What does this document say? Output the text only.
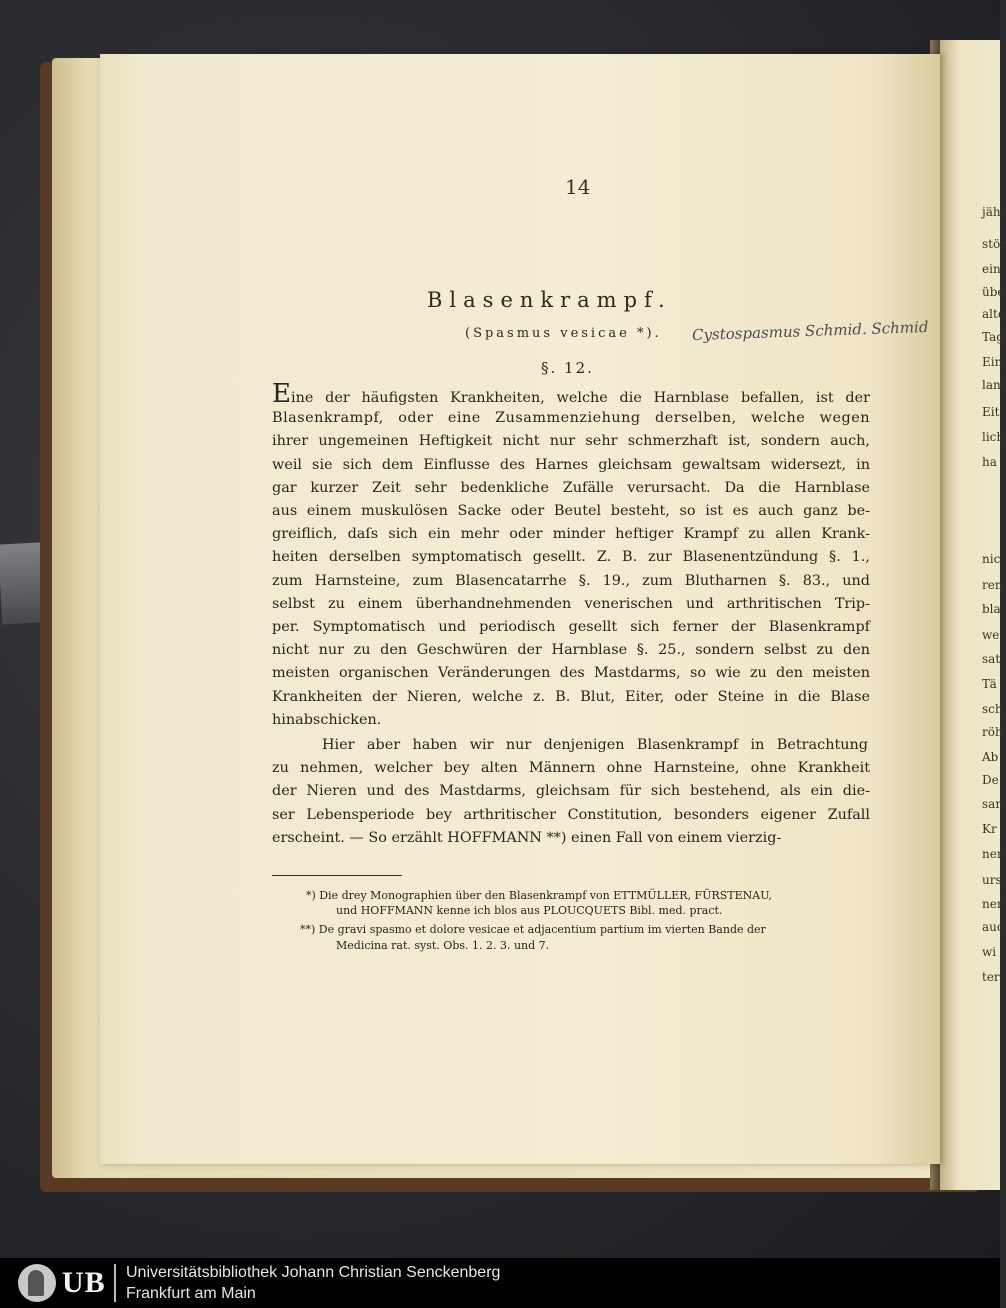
jähr
stör
ein
übe
alte
Tag
Ein
lant
Eit
lich
ha
nic
ren
bla
we
sat
Tä
sch
röh
Ab
De
san
Kr
ner
urs
ner
auc
wi
ter
14
Blasenkrampf.
(Spasmus vesicae *). Cystospasmus Schmid. Schmid
§. 12.
Eine der häufigsten Krankheiten, welche die Harnblase befallen, ist der
Blasenkrampf, oder eine Zusammenziehung derselben, welche wegen
ihrer ungemeinen Heftigkeit nicht nur sehr schmerzhaft ist, sondern auch,
weil sie sich dem Einflusse des Harnes gleichsam gewaltsam widersezt, in
gar kurzer Zeit sehr bedenkliche Zufälle verursacht. Da die Harnblase
aus einem muskulösen Sacke oder Beutel besteht, so ist es auch ganz be-
greiflich, daſs sich ein mehr oder minder heftiger Krampf zu allen Krank-
heiten derselben symptomatisch gesellt. Z. B. zur Blasenentzündung §. 1.,
zum Harnsteine, zum Blasencatarrhe §. 19., zum Blutharnen §. 83., und
selbst zu einem überhandnehmenden venerischen und arthritischen Trip-
per. Symptomatisch und periodisch gesellt sich ferner der Blasenkrampf
nicht nur zu den Geschwüren der Harnblase §. 25., sondern selbst zu den
meisten organischen Veränderungen des Mastdarms, so wie zu den meisten
Krankheiten der Nieren, welche z. B. Blut, Eiter, oder Steine in die Blase
hinabschicken.
Hier aber haben wir nur denjenigen Blasenkrampf in Betrachtung
zu nehmen, welcher bey alten Männern ohne Harnsteine, ohne Krankheit
der Nieren und des Mastdarms, gleichsam für sich bestehend, als ein die-
ser Lebensperiode bey arthritischer Constitution, besonders eigener Zufall
erscheint. — So erzählt HOFFMANN **) einen Fall von einem vierzig-
*) Die drey Monographien über den Blasenkrampf von ETTMÜLLER, FÜRSTENAU,
und HOFFMANN kenne ich blos aus PLOUCQUETS Bibl. med. pract.
**) De gravi spasmo et dolore vesicae et adjacentium partium im vierten Bande der
Medicina rat. syst. Obs. 1. 2. 3. und 7.
UB Universitätsbibliothek Johann Christian Senckenberg
Frankfurt am Main
